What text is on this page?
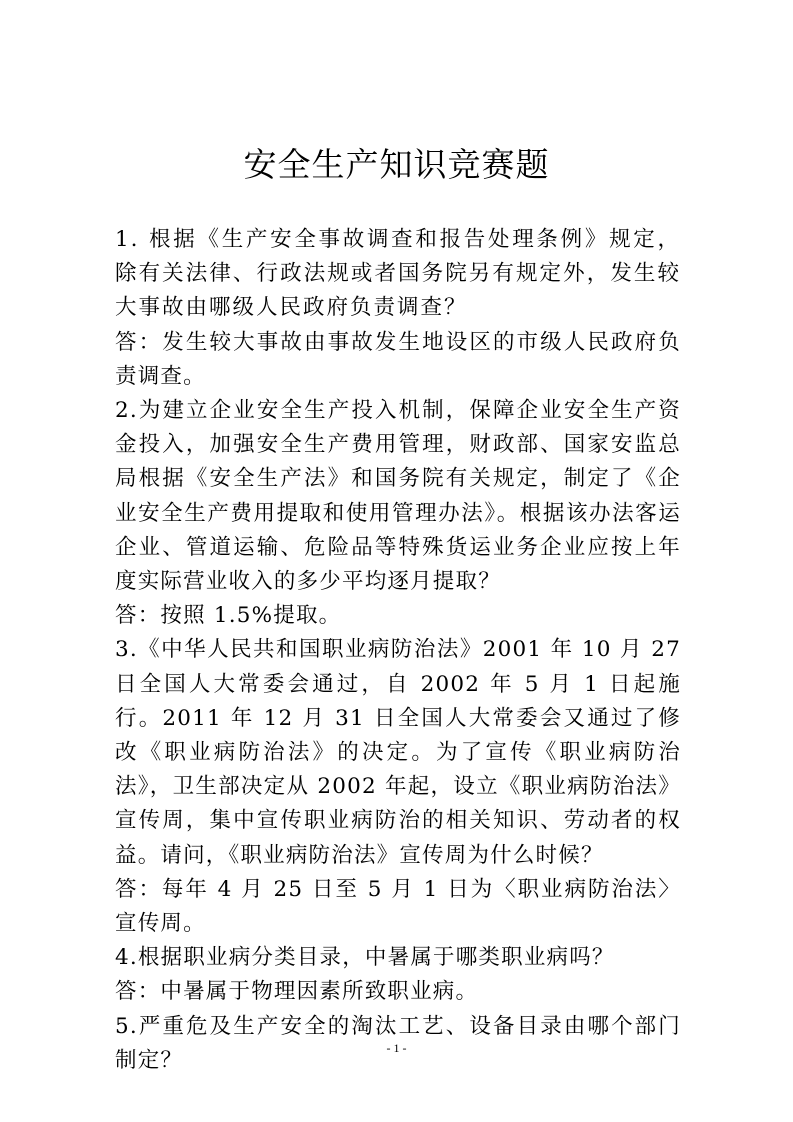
安全生产知识竞赛题

1. 根据《生产安全事故调查和报告处理条例》规定，除有关法律、行政法规或者国务院另有规定外，发生较大事故由哪级人民政府负责调查？

答：发生较大事故由事故发生地设区的市级人民政府负责调查。

2.为建立企业安全生产投入机制，保障企业安全生产资金投入，加强安全生产费用管理，财政部、国家安监总局根据《安全生产法》和国务院有关规定，制定了《企业安全生产费用提取和使用管理办法》。根据该办法客运企业、管道运输、危险品等特殊货运业务企业应按上年度实际营业收入的多少平均逐月提取？

答：按照 1.5%提取。

3.《中华人民共和国职业病防治法》2001 年 10 月 27 日全国人大常委会通过，自 2002 年 5 月 1 日起施行。2011 年 12 月 31 日全国人大常委会又通过了修改《职业病防治法》的决定。为了宣传《职业病防治法》，卫生部决定从 2002 年起，设立《职业病防治法》宣传周，集中宣传职业病防治的相关知识、劳动者的权益。请问，《职业病防治法》宣传周为什么时候？

答：每年 4 月 25 日至 5 月 1 日为〈职业病防治法〉宣传周。

4.根据职业病分类目录，中暑属于哪类职业病吗？

答：中暑属于物理因素所致职业病。

5.严重危及生产安全的淘汰工艺、设备目录由哪个部门制定？	- 1 -
